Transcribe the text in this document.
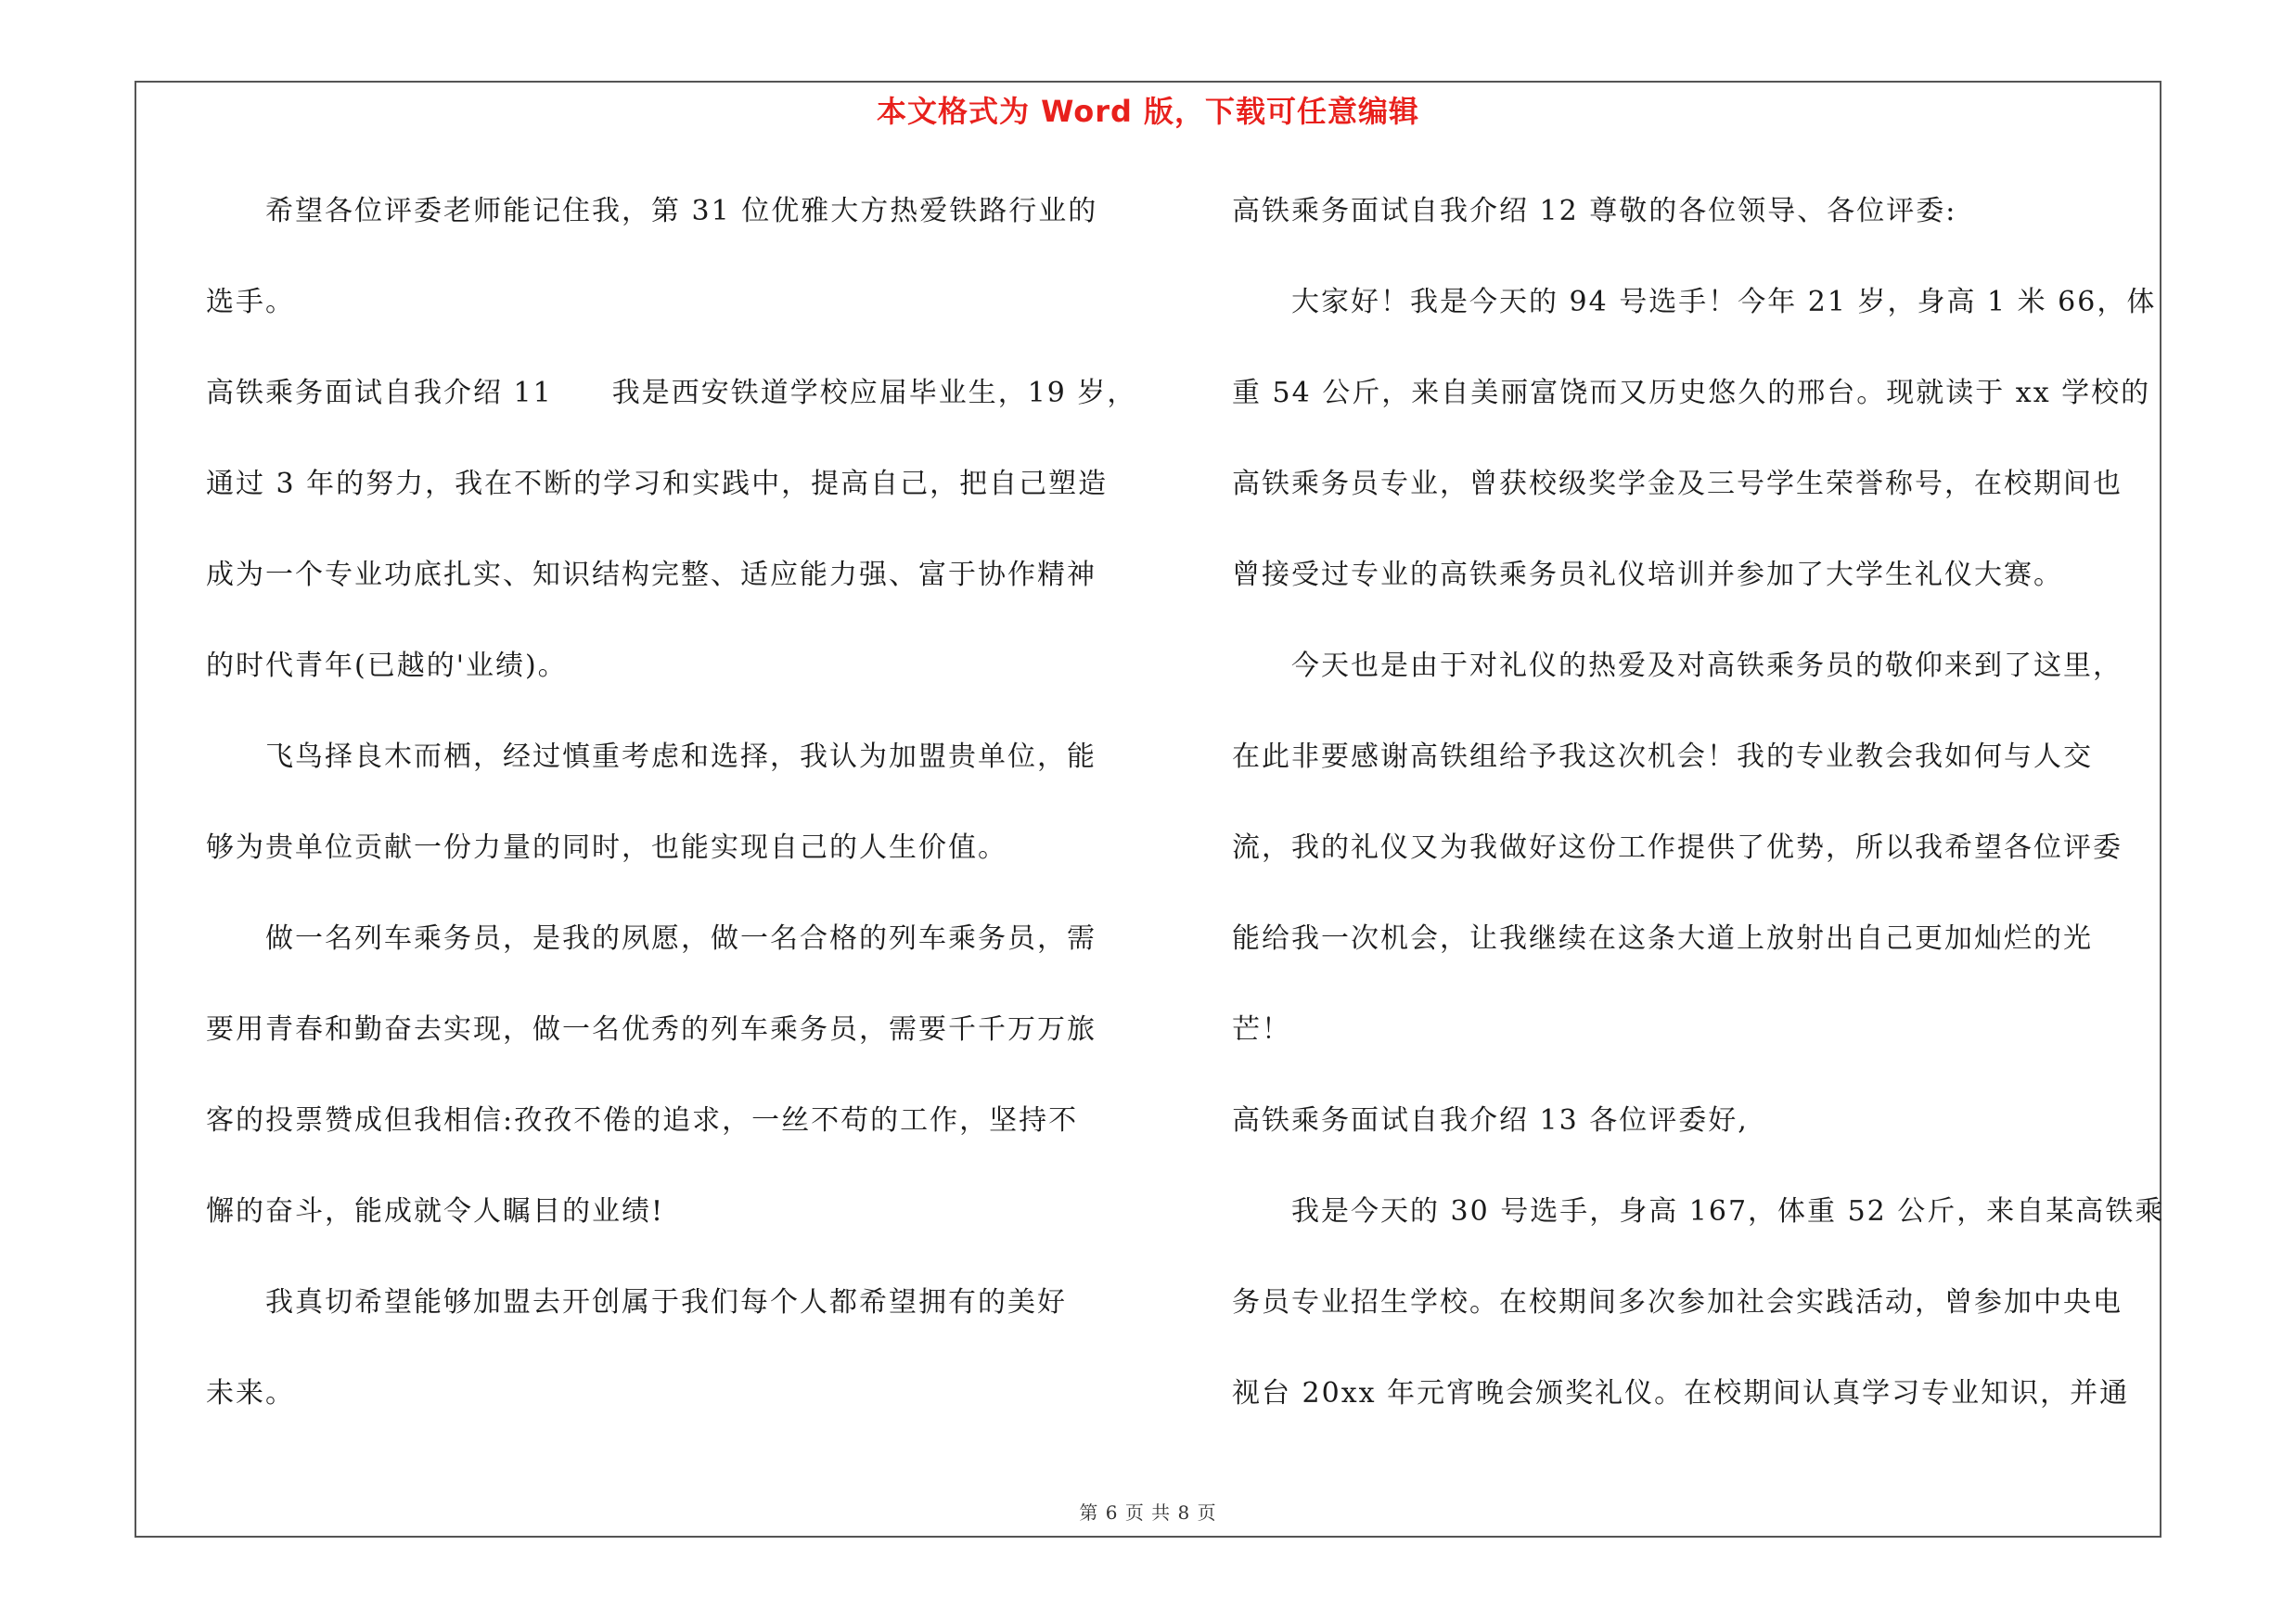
本文格式为 Word 版，下载可任意编辑
　　希望各位评委老师能记住我，第 31 位优雅大方热爱铁路行业的
选手。
高铁乘务面试自我介绍 11　　我是西安铁道学校应届毕业生，19 岁，
通过 3 年的努力，我在不断的学习和实践中，提高自己，把自己塑造
成为一个专业功底扎实、知识结构完整、适应能力强、富于协作精神
的时代青年(已越的'业绩)。
　　飞鸟择良木而栖，经过慎重考虑和选择，我认为加盟贵单位，能
够为贵单位贡献一份力量的同时，也能实现自己的人生价值。
　　做一名列车乘务员，是我的夙愿，做一名合格的列车乘务员，需
要用青春和勤奋去实现，做一名优秀的列车乘务员，需要千千万万旅
客的投票赞成但我相信:孜孜不倦的追求，一丝不苟的工作，坚持不
懈的奋斗，能成就令人瞩目的业绩!
　　我真切希望能够加盟去开创属于我们每个人都希望拥有的美好
未来。
高铁乘务面试自我介绍 12 尊敬的各位领导、各位评委:
　　大家好！我是今天的 94 号选手！今年 21 岁，身高 1 米 66，体
重 54 公斤，来自美丽富饶而又历史悠久的邢台。现就读于 xx 学校的
高铁乘务员专业，曾获校级奖学金及三号学生荣誉称号，在校期间也
曾接受过专业的高铁乘务员礼仪培训并参加了大学生礼仪大赛。
　　今天也是由于对礼仪的热爱及对高铁乘务员的敬仰来到了这里，
在此非要感谢高铁组给予我这次机会！我的专业教会我如何与人交
流，我的礼仪又为我做好这份工作提供了优势，所以我希望各位评委
能给我一次机会，让我继续在这条大道上放射出自己更加灿烂的光
芒！
高铁乘务面试自我介绍 13 各位评委好,
　　我是今天的 30 号选手，身高 167，体重 52 公斤，来自某高铁乘
务员专业招生学校。在校期间多次参加社会实践活动，曾参加中央电
视台 20xx 年元宵晚会颁奖礼仪。在校期间认真学习专业知识，并通
第 6 页 共 8 页
